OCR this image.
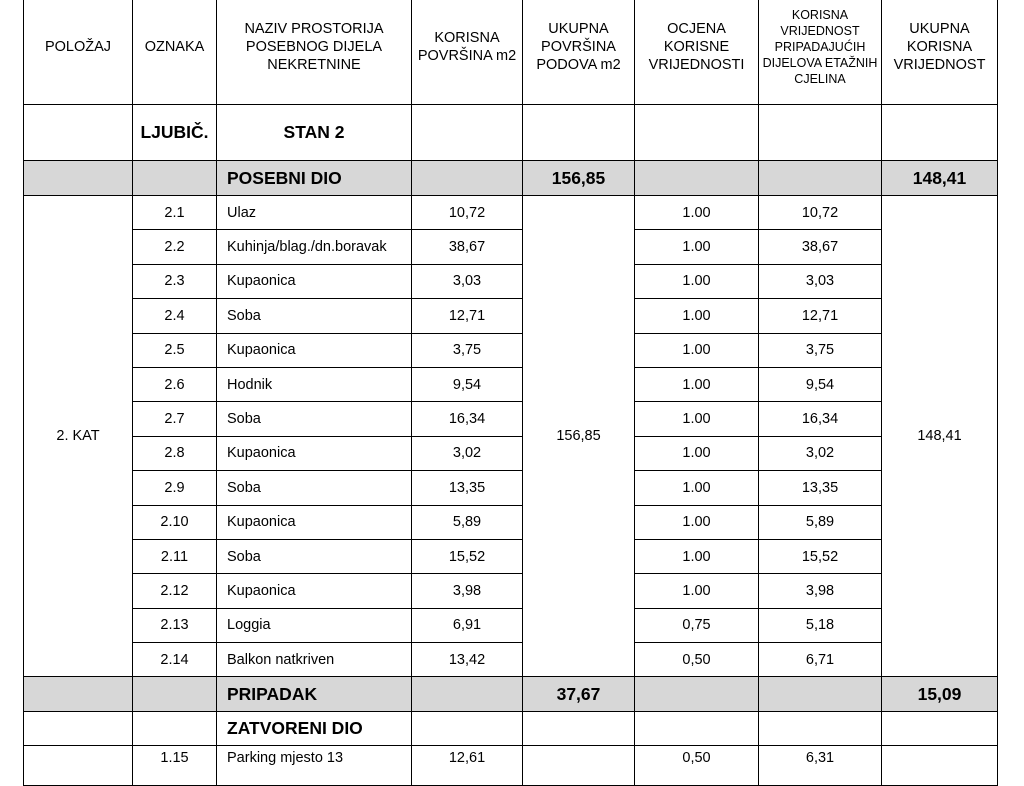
POLOŽAJ	OZNAKA	NAZIV PROSTORIJA POSEBNOG DIJELA NEKRETNINE	KORISNA POVRŠINA m2	UKUPNA POVRŠINA PODOVA m2	OCJENA KORISNE VRIJEDNOSTI	KORISNA VRIJEDNOST PRIPADAJUĆIH DIJELOVA ETAŽNIH CJELINA	UKUPNA KORISNA VRIJEDNOST
	LJUBIČ.	STAN 2					
		POSEBNI DIO		156,85			148,41
2. KAT	2.1	Ulaz	10,72	156,85	1.00	10,72	148,41
	2.2	Kuhinja/blag./dn.boravak	38,67		1.00	38,67	
	2.3	Kupaonica	3,03		1.00	3,03	
	2.4	Soba	12,71		1.00	12,71	
	2.5	Kupaonica	3,75		1.00	3,75	
	2.6	Hodnik	9,54		1.00	9,54	
	2.7	Soba	16,34		1.00	16,34	
	2.8	Kupaonica	3,02		1.00	3,02	
	2.9	Soba	13,35		1.00	13,35	
	2.10	Kupaonica	5,89		1.00	5,89	
	2.11	Soba	15,52		1.00	15,52	
	2.12	Kupaonica	3,98		1.00	3,98	
	2.13	Loggia	6,91		0,75	5,18	
	2.14	Balkon natkriven	13,42		0,50	6,71	
		PRIPADAK		37,67			15,09
		ZATVORENI DIO					
	1.15	Parking mjesto 13	12,61		0,50	6,31	
